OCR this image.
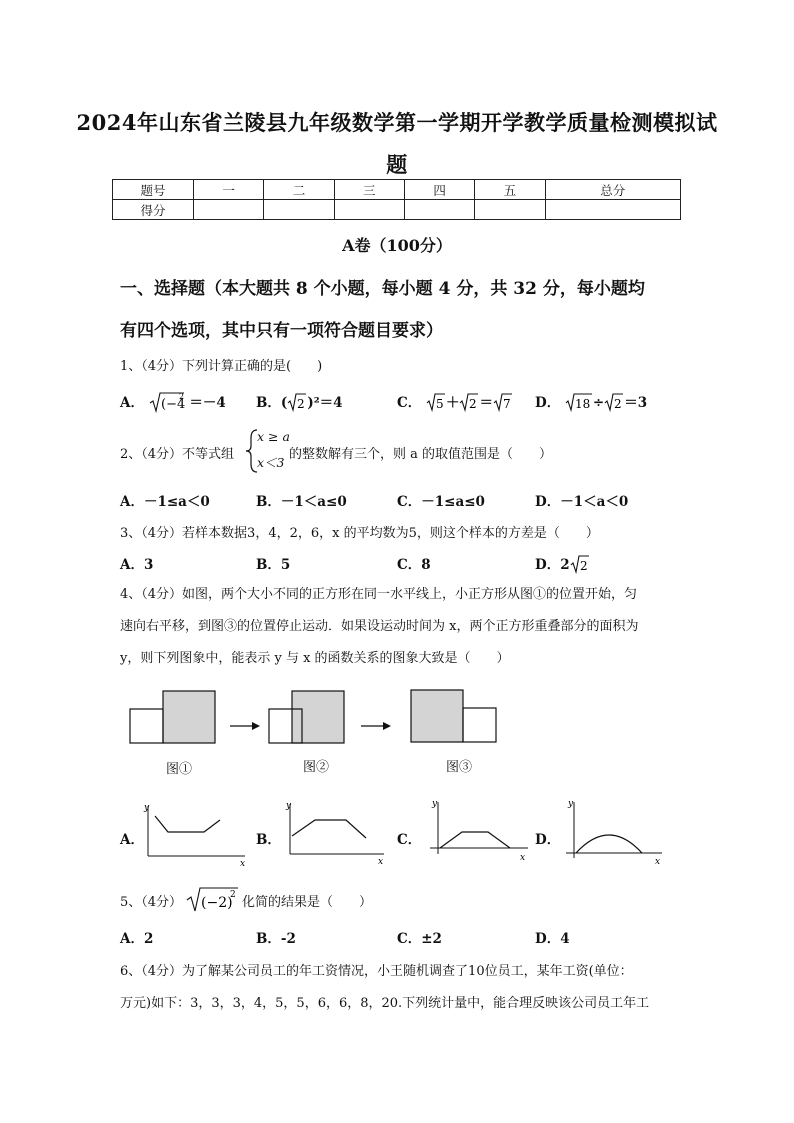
2024年山东省兰陵县九年级数学第一学期开学教学质量检测模拟试
题
题号	一	二	三	四	五	总分
得分						
A卷（100分）
一、选择题（本大题共 8 个小题，每小题 4 分，共 32 分，每小题均
有四个选项，其中只有一项符合题目要求）
1、（4分）下列计算正确的是(　　)
A． (−4
2 ＝－4 B．( 2 )²＝4	C． 5 ＋ 2 ＝ 7 D． 18 ÷ 2 ＝3
2、（4分）不等式组
x ≥ a
x＜3
的整数解有三个，则 a 的取值范围是（　　）
A．－1≤a＜0	B．－1＜a≤0	C．－1≤a≤0	D．－1＜a＜0
3、（4分）若样本数据3，4，2，6，x 的平均数为5，则这个样本的方差是（　　）
A．3	B．5	C．8	D．2 2
4、（4分）如图，两个大小不同的正方形在同一水平线上，小正方形从图①的位置开始，匀
速向右平移，到图③的位置停止运动．如果设运动时间为 x，两个正方形重叠部分的面积为
y，则下列图象中，能表示 y 与 x 的函数关系的图象大致是（　　）
图①	图②	图③
A．
y
x
B．
y
x
C．
y
x
D．
y
x
5、（4分） (−2)
2 化简的结果是（　　）
A．2	B．-2	C．±2	D．4
6、（4分）为了解某公司员工的年工资情况，小王随机调查了10位员工，某年工资(单位：
万元)如下：3，3，3，4，5，5，6，6，8，20.下列统计量中，能合理反映该公司员工年工
